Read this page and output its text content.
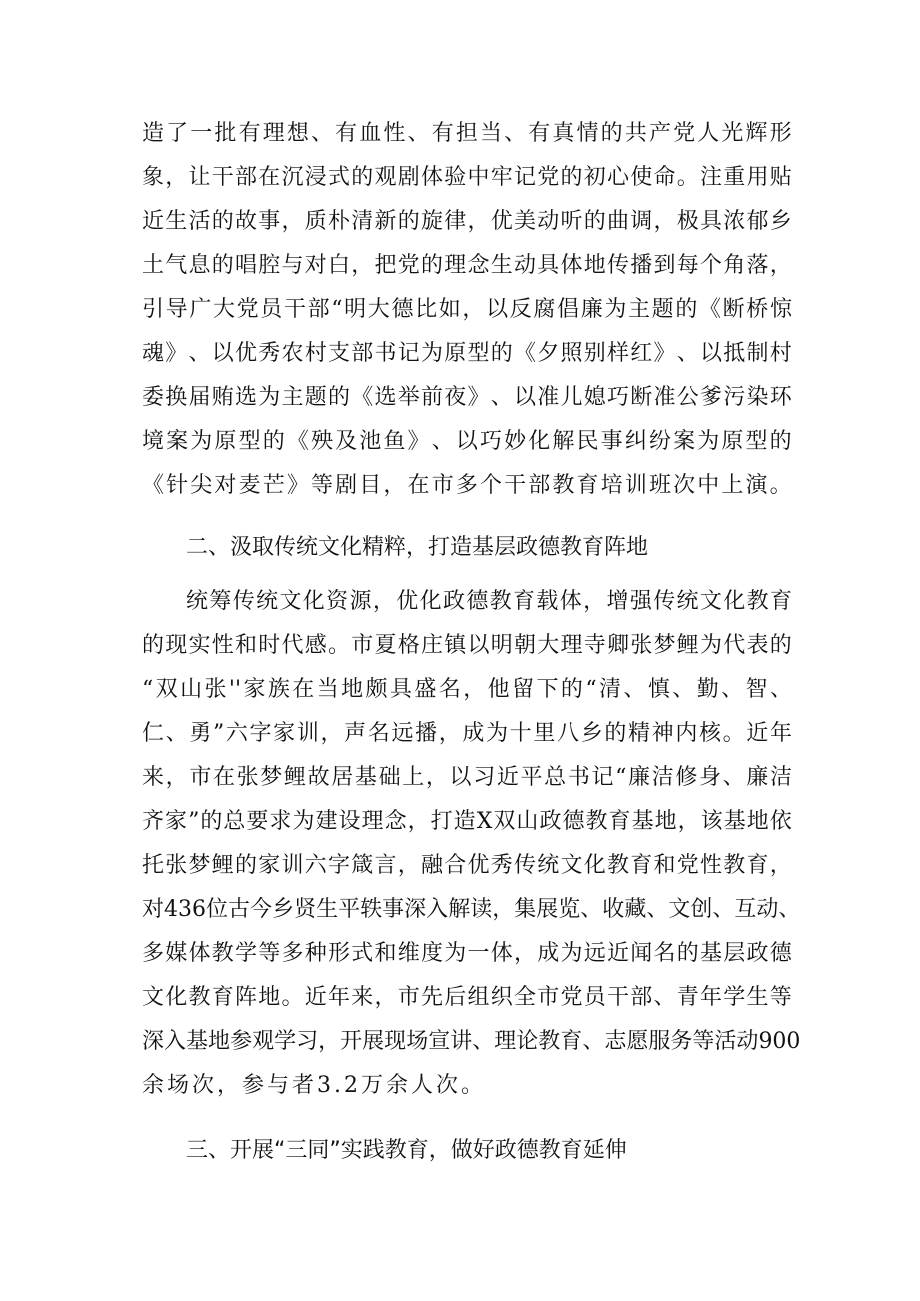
造 了 一 批 有 理 想 、 有 血 性 、 有 担 当 、 有 真 情 的 共 产 党 人 光 辉 形
象 ， 让 干 部 在 沉 浸 式 的 观 剧 体 验 中 牢 记 党 的 初 心 使 命 。 注 重 用 贴
近 生 活 的 故 事 ， 质 朴 清 新 的 旋 律 ， 优 美 动 听 的 曲 调 ， 极 具 浓 郁 乡
土 气 息 的 唱 腔 与 对 白 ， 把 党 的 理 念 生 动 具 体 地 传 播 到 每 个 角 落 ，
引 导 广 大 党 员 干 部 “ 明 大 德 比 如 ， 以 反 腐 倡 廉 为 主 题 的 《 断 桥 惊
魂 》 、 以 优 秀 农 村 支 部 书 记 为 原 型 的 《 夕 照 别 样 红 》 、 以 抵 制 村
委 换 届 贿 选 为 主 题 的 《 选 举 前 夜 》 、 以 准 儿 媳 巧 断 准 公 爹 污 染 环
境 案 为 原 型 的 《 殃 及 池 鱼 》 、 以 巧 妙 化 解 民 事 纠 纷 案 为 原 型 的
《 针 尖 对 麦 芒 》 等 剧 目 ， 在 市 多 个 干 部 教 育 培 训 班 次 中 上 演 。
二、汲取传统文化精粹，打造基层政德教育阵地
统 筹 传 统 文 化 资 源 ， 优 化 政 德 教 育 载 体 ， 增 强 传 统 文 化 教 育
的 现 实 性 和 时 代 感 。 市 夏 格 庄 镇 以 明 朝 大 理 寺 卿 张 梦 鲤 为 代 表 的
“ 双 山 张 '' 家 族 在 当 地 颇 具 盛 名 ， 他 留 下 的 “ 清 、 慎 、 勤 、 智 、
仁 、 勇 ” 六 字 家 训 ， 声 名 远 播 ， 成 为 十 里 八 乡 的 精 神 内 核 。 近 年
来 ， 市 在 张 梦 鲤 故 居 基 础 上 ， 以 习 近 平 总 书 记 “ 廉 洁 修 身 、 廉 洁
齐 家 ” 的 总 要 求 为 建 设 理 念 ， 打 造 X 双 山 政 德 教 育 基 地 ， 该 基 地 依
托 张 梦 鲤 的 家 训 六 字 箴 言 ， 融 合 优 秀 传 统 文 化 教 育 和 党 性 教 育 ，
对 436 位 古 今 乡 贤 生 平 轶 事 深 入 解 读 ， 集 展 览 、 收 藏 、 文 创 、 互 动 、
多 媒 体 教 学 等 多 种 形 式 和 维 度 为 一 体 ， 成 为 远 近 闻 名 的 基 层 政 德
文 化 教 育 阵 地 。 近 年 来 ， 市 先 后 组 织 全 市 党 员 干 部 、 青 年 学 生 等
深 入 基 地 参 观 学 习 ， 开 展 现 场 宣 讲 、 理 论 教 育 、 志 愿 服 务 等 活 动 900
余场次，参与者3.2万余人次。
三、开展“三同”实践教育，做好政德教育延伸
